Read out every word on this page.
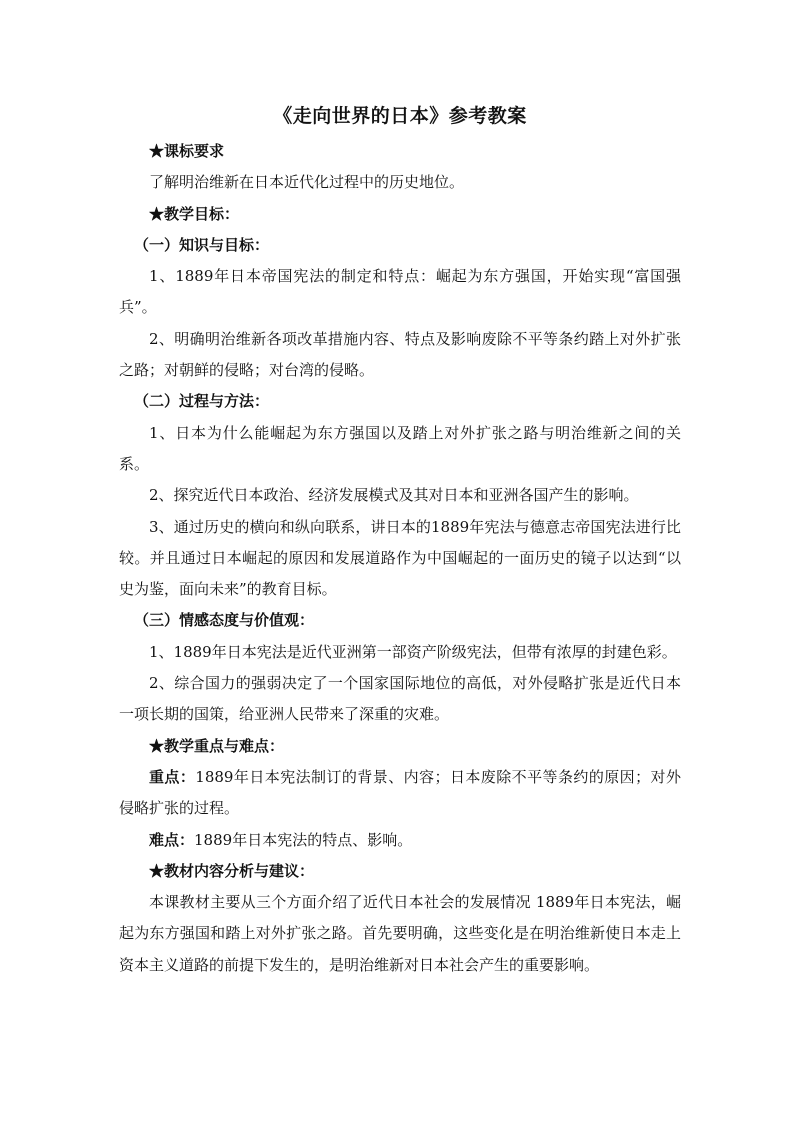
《走向世界的日本》参考教案

★课标要求

了解明治维新在日本近代化过程中的历史地位。

★教学目标：

（一）知识与目标：

1、1889年日本帝国宪法的制定和特点：崛起为东方强国，开始实现“富国强兵”。

2、明确明治维新各项改革措施内容、特点及影响废除不平等条约踏上对外扩张之路；对朝鲜的侵略；对台湾的侵略。

（二）过程与方法：

1、日本为什么能崛起为东方强国以及踏上对外扩张之路与明治维新之间的关系。

2、探究近代日本政治、经济发展模式及其对日本和亚洲各国产生的影响。

3、通过历史的横向和纵向联系，讲日本的1889年宪法与德意志帝国宪法进行比较。并且通过日本崛起的原因和发展道路作为中国崛起的一面历史的镜子以达到“以史为鉴，面向未来”的教育目标。

（三）情感态度与价值观：

1、1889年日本宪法是近代亚洲第一部资产阶级宪法，但带有浓厚的封建色彩。

2、综合国力的强弱决定了一个国家国际地位的高低，对外侵略扩张是近代日本一项长期的国策，给亚洲人民带来了深重的灾难。

★教学重点与难点：

重点：1889年日本宪法制订的背景、内容；日本废除不平等条约的原因；对外侵略扩张的过程。

难点：1889年日本宪法的特点、影响。

★教材内容分析与建议：

本课教材主要从三个方面介绍了近代日本社会的发展情况 1889年日本宪法，崛起为东方强国和踏上对外扩张之路。首先要明确，这些变化是在明治维新使日本走上资本主义道路的前提下发生的，是明治维新对日本社会产生的重要影响。
